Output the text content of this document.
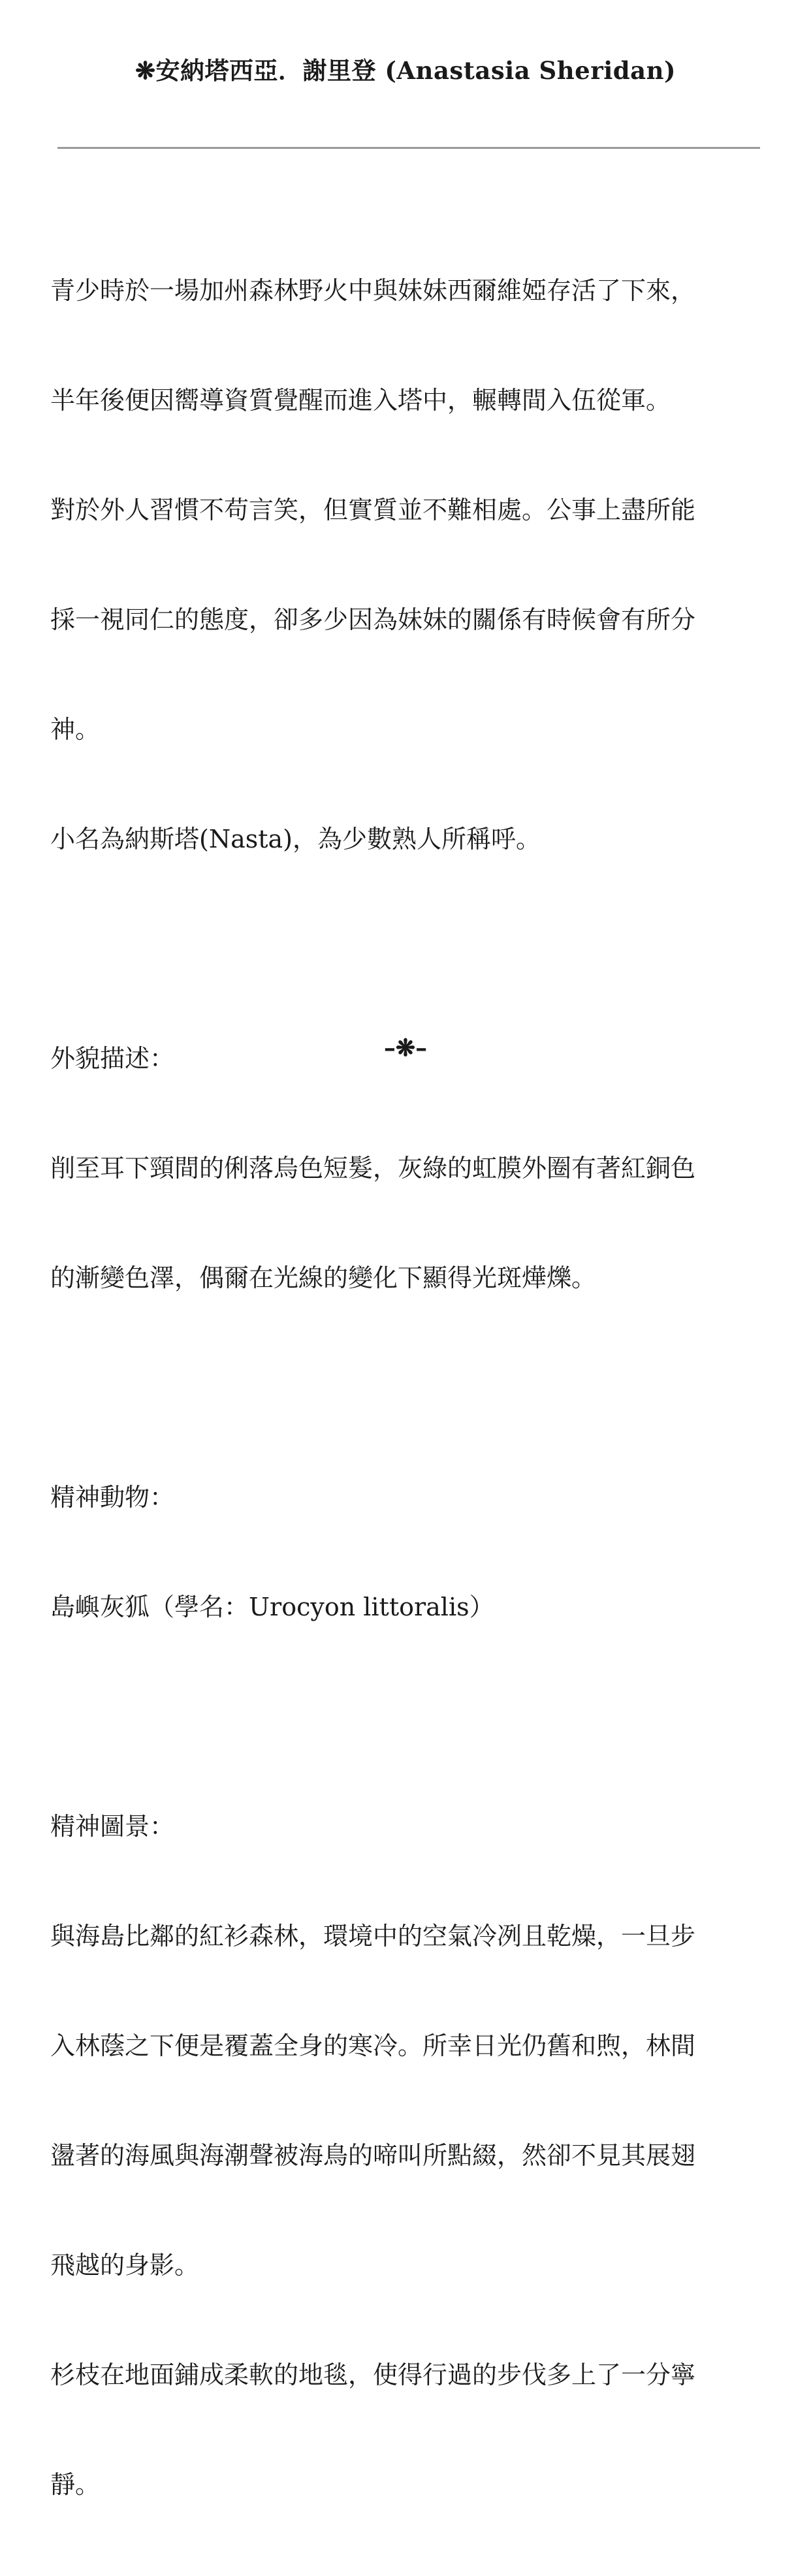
❋安納塔西亞．謝里登 (Anastasia Sheridan)

青少時於一場加州森林野火中與妹妹西爾維婭存活了下來，

半年後便因嚮導資質覺醒而進入塔中，輾轉間入伍從軍。

對於外人習慣不苟言笑，但實質並不難相處。公事上盡所能

採一視同仁的態度，卻多少因為妹妹的關係有時候會有所分

神。

小名為納斯塔(Nasta)，為少數熟人所稱呼。

外貌描述：

削至耳下頸間的俐落烏色短髮，灰綠的虹膜外圈有著紅銅色

的漸變色澤，偶爾在光線的變化下顯得光斑燁爍。

精神動物：

島嶼灰狐（學名：Urocyon littoralis）

精神圖景：

與海島比鄰的紅衫森林，環境中的空氣冷冽且乾燥，一旦步

入林蔭之下便是覆蓋全身的寒冷。所幸日光仍舊和煦，林間

盪著的海風與海潮聲被海鳥的啼叫所點綴，然卻不見其展翅

飛越的身影。

杉枝在地面鋪成柔軟的地毯，使得行過的步伐多上了一分寧

靜。

–❋–
